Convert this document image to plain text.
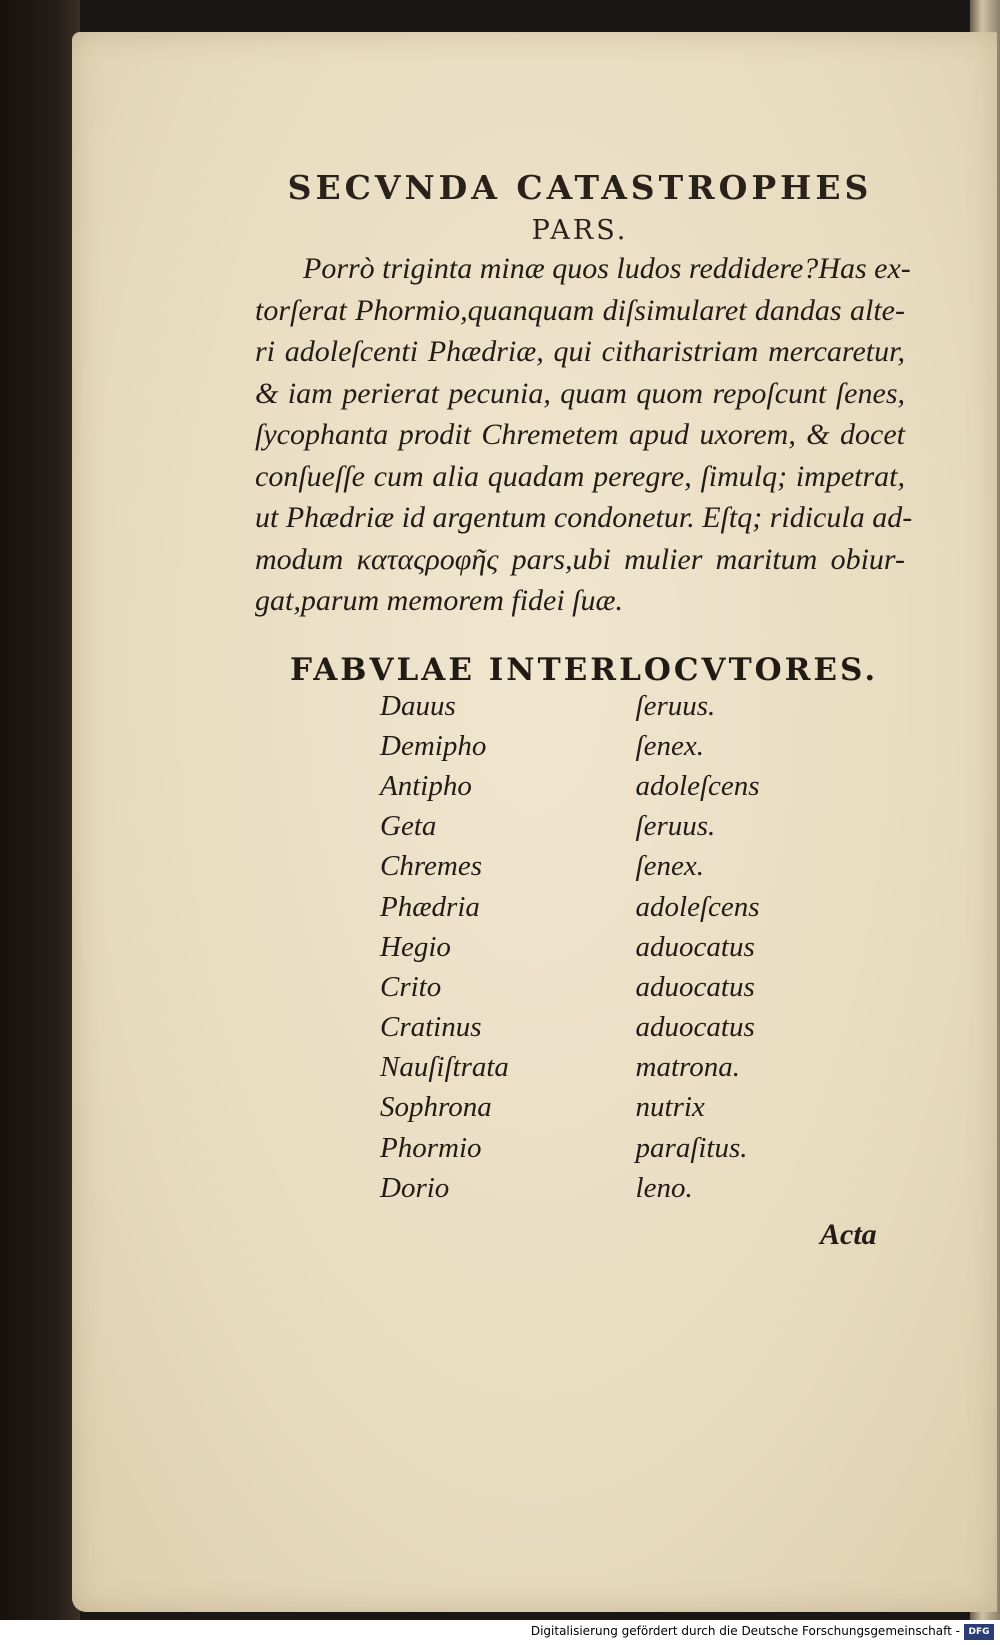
SECVNDA CATASTROPHES
PARS.

Porrò triginta minæ quos ludos reddidere?Has ex-
torſerat Phormio,quanquam diſsimularet dandas alte-
ri adoleſcenti Phædriæ, qui citharistriam mercaretur,
& iam perierat pecunia, quam quom repoſcunt ſenes,
ſycophanta prodit Chremetem apud uxorem, & docet
conſueſſe cum alia quadam peregre, ſimulq; impetrat,
ut Phædriæ id argentum condonetur. Eſtq; ridicula ad-
modum καταςροφῆς pars,ubi mulier maritum obiur-
gat,parum memorem fidei ſuæ.

FABVLAE INTERLOCVTORES.
Dauus	ſeruus.
Demipho	ſenex.
Antipho	adoleſcens
Geta	ſeruus.
Chremes	ſenex.
Phædria	adoleſcens
Hegio	aduocatus
Crito	aduocatus
Cratinus	aduocatus
Nauſiſtrata	matrona.
Sophrona	nutrix
Phormio	paraſitus.
Dorio	leno.
Acta
Digitalisierung gefördert durch die Deutsche Forschungsgemeinschaft - DFG
